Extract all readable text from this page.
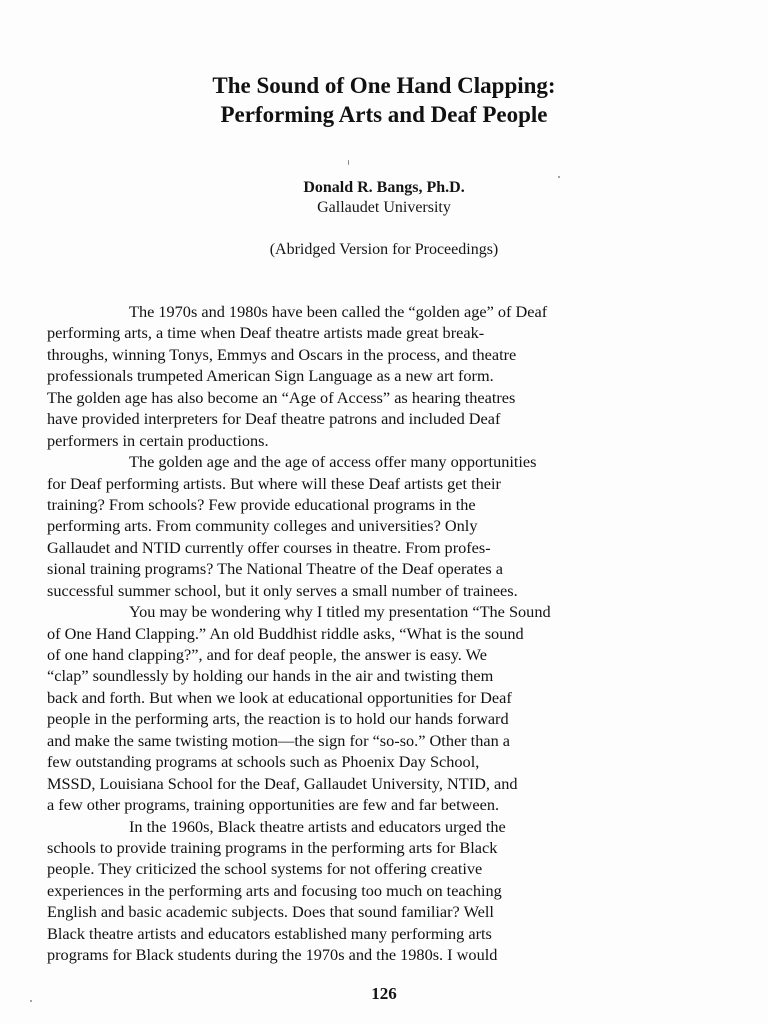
The Sound of One Hand Clapping:
Performing Arts and Deaf People
Donald R. Bangs, Ph.D.
Gallaudet University
(Abridged Version for Proceedings)
The 1970s and 1980s have been called the “golden age” of Deaf
performing arts, a time when Deaf theatre artists made great break-
throughs, winning Tonys, Emmys and Oscars in the process, and theatre
professionals trumpeted American Sign Language as a new art form.
The golden age has also become an “Age of Access” as hearing theatres
have provided interpreters for Deaf theatre patrons and included Deaf
performers in certain productions.
The golden age and the age of access offer many opportunities
for Deaf performing artists. But where will these Deaf artists get their
training? From schools? Few provide educational programs in the
performing arts. From community colleges and universities? Only
Gallaudet and NTID currently offer courses in theatre. From profes-
sional training programs? The National Theatre of the Deaf operates a
successful summer school, but it only serves a small number of trainees.
You may be wondering why I titled my presentation “The Sound
of One Hand Clapping.” An old Buddhist riddle asks, “What is the sound
of one hand clapping?”, and for deaf people, the answer is easy. We
“clap” soundlessly by holding our hands in the air and twisting them
back and forth. But when we look at educational opportunities for Deaf
people in the performing arts, the reaction is to hold our hands forward
and make the same twisting motion—the sign for “so-so.” Other than a
few outstanding programs at schools such as Phoenix Day School,
MSSD, Louisiana School for the Deaf, Gallaudet University, NTID, and
a few other programs, training opportunities are few and far between.
In the 1960s, Black theatre artists and educators urged the
schools to provide training programs in the performing arts for Black
people. They criticized the school systems for not offering creative
experiences in the performing arts and focusing too much on teaching
English and basic academic subjects. Does that sound familiar? Well
Black theatre artists and educators established many performing arts
programs for Black students during the 1970s and the 1980s. I would
126
